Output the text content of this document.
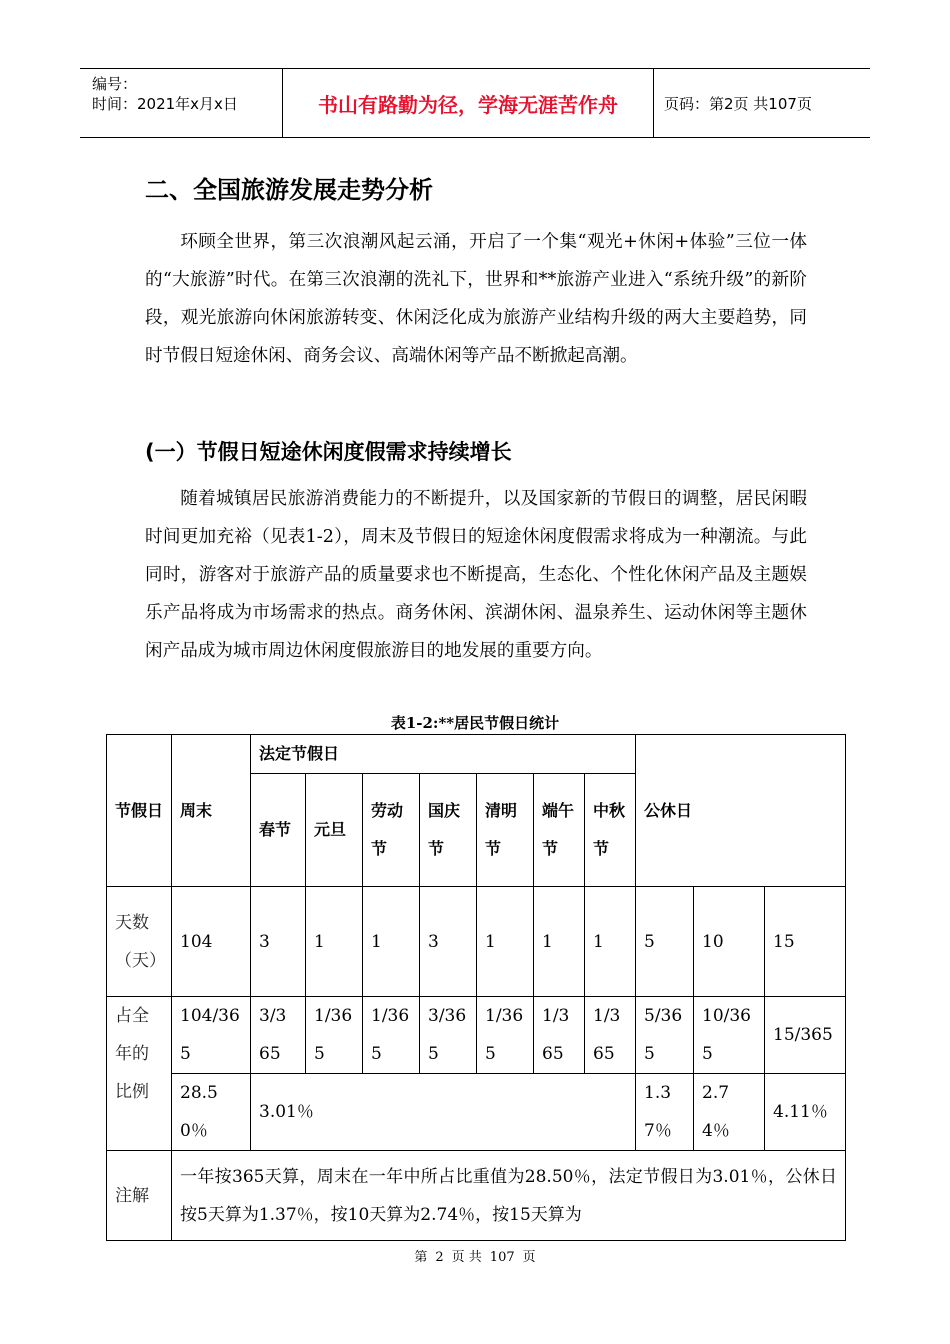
编号：
时间：2021年x月x日	书山有路勤为径，学海无涯苦作舟	页码：第2页 共107页
二、全国旅游发展走势分析

环顾全世界，第三次浪潮风起云涌，开启了一个集“观光+休闲+体验”三位一体的“大旅游”时代。在第三次浪潮的洗礼下，世界和**旅游产业进入“系统升级”的新阶段，观光旅游向休闲旅游转变、休闲泛化成为旅游产业结构升级的两大主要趋势，同时节假日短途休闲、商务会议、高端休闲等产品不断掀起高潮。

(一）节假日短途休闲度假需求持续增长

随着城镇居民旅游消费能力的不断提升，以及国家新的节假日的调整，居民闲暇时间更加充裕（见表1-2），周末及节假日的短途休闲度假需求将成为一种潮流。与此同时，游客对于旅游产品的质量要求也不断提高，生态化、个性化休闲产品及主题娱乐产品将成为市场需求的热点。商务休闲、滨湖休闲、温泉养生、运动休闲等主题休闲产品成为城市周边休闲度假旅游目的地发展的重要方向。

表1-2:**居民节假日统计
节假日	周末	法定节假日							公休日		
		春节	元旦	劳动节	国庆节	清明节	端午节	中秋节			
天数（天）	104	3	1	1	3	1	1	1	5	10	15
占全年的比例	104/365	3/365	1/365	1/365	3/365	1/365	1/365	1/365	5/365	10/365	15/365
	28.50％	3.01％							1.37％	2.74％	4.11％
注解	一年按365天算，周末在一年中所占比重值为28.50％，法定节假日为3.01％，公休日按5天算为1.37％，按10天算为2.74％，按15天算为										
第 2 页 共 107 页
